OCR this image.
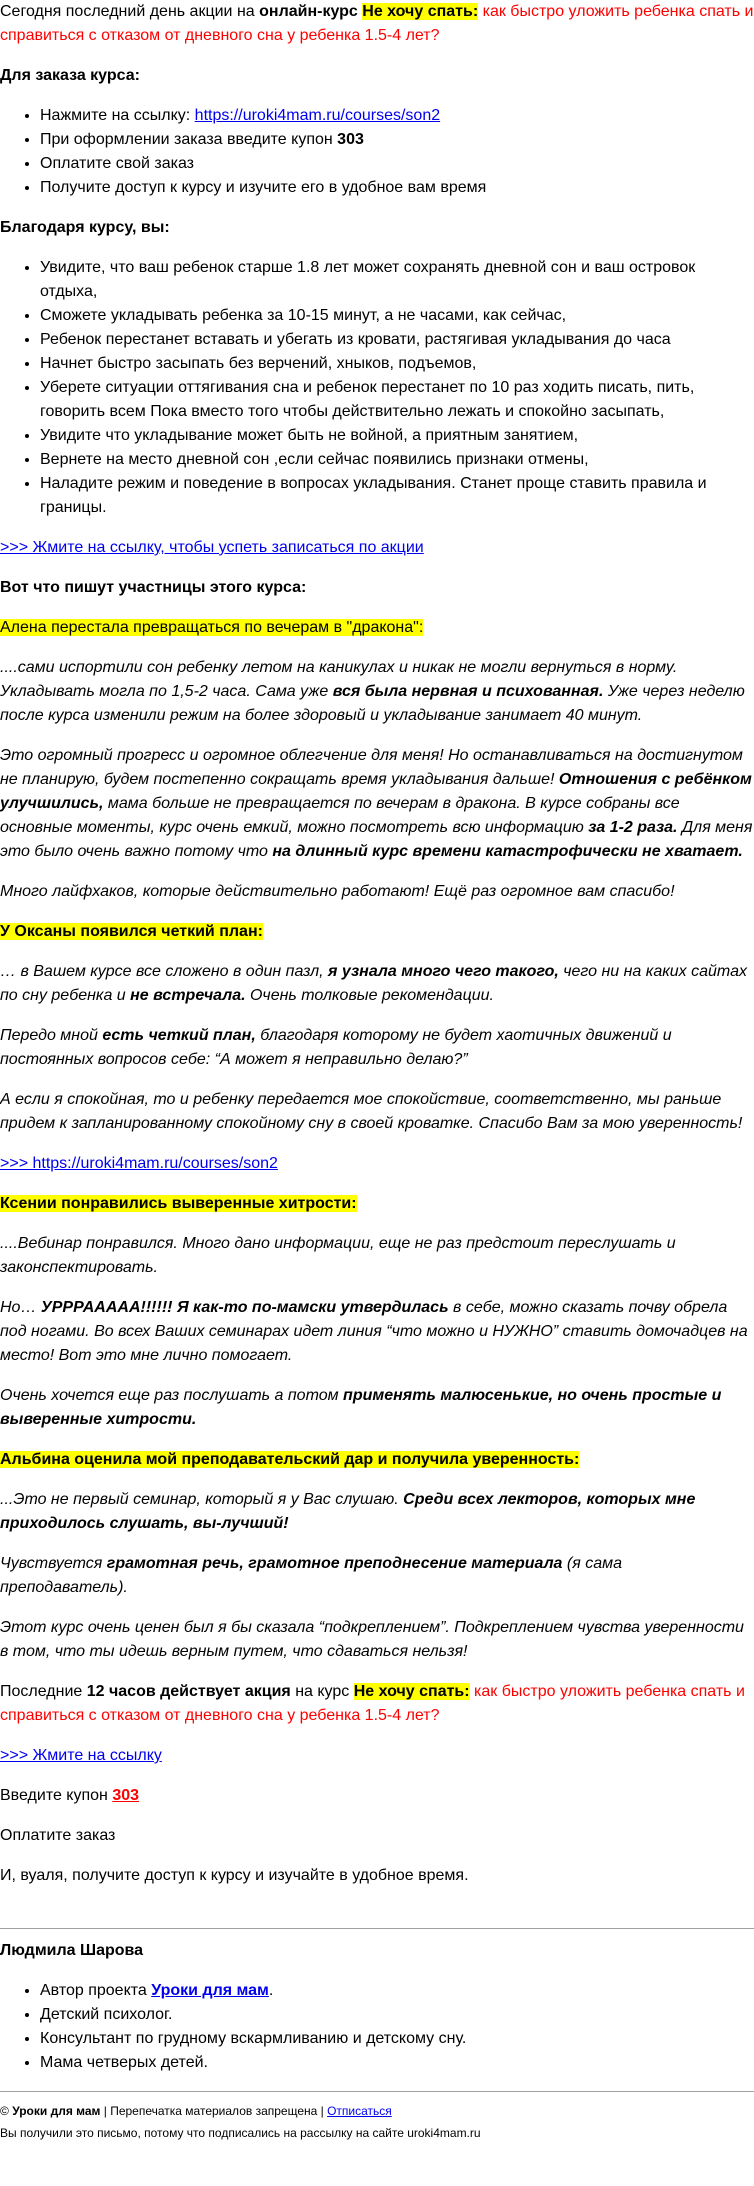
Сегодня последний день акции на онлайн-курс Не хочу спать: как быстро уложить ребенка спать и справиться с отказом от дневного сна у ребенка 1.5-4 лет?

Для заказа курса:

• Нажмите на ссылку: https://uroki4mam.ru/courses/son2
• При оформлении заказа введите купон 303
• Оплатите свой заказ
• Получите доступ к курсу и изучите его в удобное вам время

Благодаря курсу, вы:

• Увидите, что ваш ребенок старше 1.8 лет может сохранять дневной сон и ваш островок отдыха,
• Сможете укладывать ребенка за 10-15 минут, а не часами, как сейчас,
• Ребенок перестанет вставать и убегать из кровати, растягивая укладывания до часа
• Начнет быстро засыпать без верчений, хныков, подъемов,
• Уберете ситуации оттягивания сна и ребенок перестанет по 10 раз ходить писать, пить, говорить всем Пока вместо того чтобы действительно лежать и спокойно засыпать,
• Увидите что укладывание может быть не войной, а приятным занятием,
• Вернете на место дневной сон ,если сейчас появились признаки отмены,
• Наладите режим и поведение в вопросах укладывания. Станет проще ставить правила и границы.

>>> Жмите на ссылку, чтобы успеть записаться по акции

Вот что пишут участницы этого курса:

Алена перестала превращаться по вечерам в "дракона":

....сами испортили сон ребенку летом на каникулах и никак не могли вернуться в норму. Укладывать могла по 1,5-2 часа. Сама уже вся была нервная и психованная. Уже через неделю после курса изменили режим на более здоровый и укладывание занимает 40 минут.

Это огромный прогресс и огромное облегчение для меня! Но останавливаться на достигнутом не планирую, будем постепенно сокращать время укладывания дальше! Отношения с ребёнком улучшились, мама больше не превращается по вечерам в дракона. В курсе собраны все основные моменты, курс очень емкий, можно посмотреть всю информацию за 1-2 раза. Для меня это было очень важно потому что на длинный курс времени катастрофически не хватает.

Много лайфхаков, которые действительно работают! Ещё раз огромное вам спасибо!

У Оксаны появился четкий план:

… в Вашем курсе все сложено в один пазл, я узнала много чего такого, чего ни на каких сайтах по сну ребенка и не встречала. Очень толковые рекомендации.

Передо мной есть четкий план, благодаря которому не будет хаотичных движений и постоянных вопросов себе: “А может я неправильно делаю?”

А если я спокойная, то и ребенку передается мое спокойствие, соответственно, мы раньше придем к запланированному спокойному сну в своей кроватке. Спасибо Вам за мою уверенность!

>>> https://uroki4mam.ru/courses/son2

Ксении понравились выверенные хитрости:

....Вебинар понравился. Много дано информации, еще не раз предстоит переслушать и законспектировать.

Но… УРРРААААА!!!!!! Я как-то по-мамски утвердилась в себе, можно сказать почву обрела под ногами. Во всех Ваших семинарах идет линия “что можно и НУЖНО” ставить домочадцев на место! Вот это мне лично помогает.

Очень хочется еще раз послушать а потом применять малюсенькие, но очень простые и выверенные хитрости.

Альбина оценила мой преподавательский дар и получила уверенность:

...Это не первый семинар, который я у Вас слушаю. Среди всех лекторов, которых мне приходилось слушать, вы-лучший!

Чувствуется грамотная речь, грамотное преподнесение материала (я сама преподаватель).

Этот курс очень ценен был я бы сказала “подкреплением”. Подкреплением чувства уверенности в том, что ты идешь верным путем, что сдаваться нельзя!

Последние 12 часов действует акция на курс Не хочу спать: как быстро уложить ребенка спать и справиться с отказом от дневного сна у ребенка 1.5-4 лет?

>>> Жмите на ссылку

Введите купон 303

Оплатите заказ

И, вуаля, получите доступ к курсу и изучайте в удобное время.

Людмила Шарова

• Автор проекта Уроки для мам.
• Детский психолог.
• Консультант по грудному вскармливанию и детскому сну.
• Мама четверых детей.

© Уроки для мам | Перепечатка материалов запрещена | Отписаться

Вы получили это письмо, потому что подписались на рассылку на сайте uroki4mam.ru
